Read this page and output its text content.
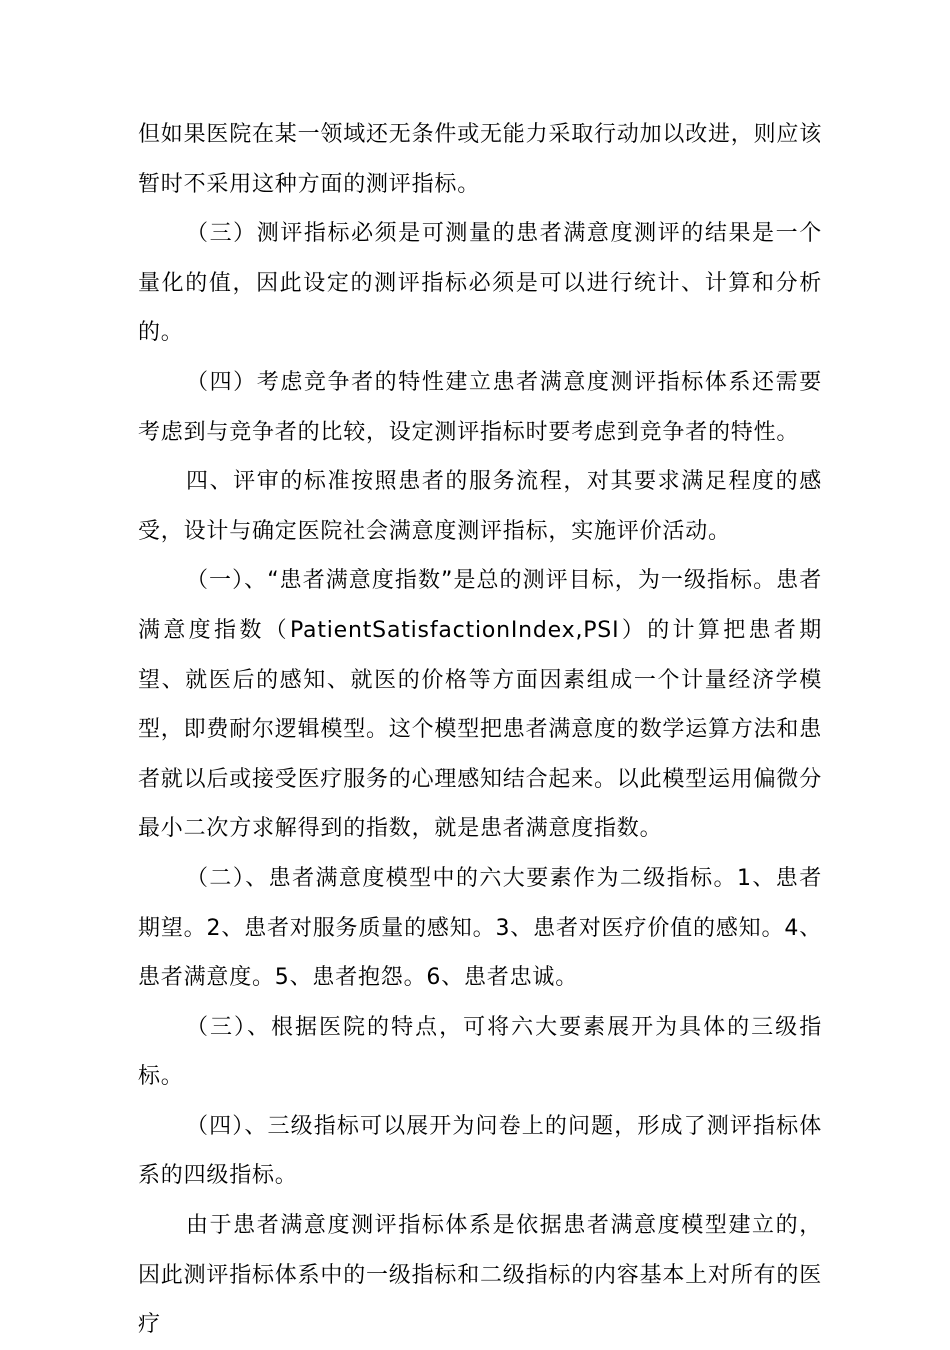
但如果医院在某一领域还无条件或无能力采取行动加以改进，则应该暂时不采用这种方面的测评指标。

（三）测评指标必须是可测量的患者满意度测评的结果是一个量化的值，因此设定的测评指标必须是可以进行统计、计算和分析的。

（四）考虑竞争者的特性建立患者满意度测评指标体系还需要考虑到与竞争者的比较，设定测评指标时要考虑到竞争者的特性。

四、评审的标准按照患者的服务流程，对其要求满足程度的感受，设计与确定医院社会满意度测评指标，实施评价活动。

（一）、“患者满意度指数”是总的测评目标，为一级指标。患者满意度指数（PatientSatisfactionIndex,PSI）的计算把患者期望、就医后的感知、就医的价格等方面因素组成一个计量经济学模型，即费耐尔逻辑模型。这个模型把患者满意度的数学运算方法和患者就以后或接受医疗服务的心理感知结合起来。以此模型运用偏微分最小二次方求解得到的指数，就是患者满意度指数。

（二）、患者满意度模型中的六大要素作为二级指标。1、患者期望。2、患者对服务质量的感知。3、患者对医疗价值的感知。4、患者满意度。5、患者抱怨。6、患者忠诚。

（三）、根据医院的特点，可将六大要素展开为具体的三级指标。

（四）、三级指标可以展开为问卷上的问题，形成了测评指标体系的四级指标。

由于患者满意度测评指标体系是依据患者满意度模型建立的，因此测评指标体系中的一级指标和二级指标的内容基本上对所有的医疗
